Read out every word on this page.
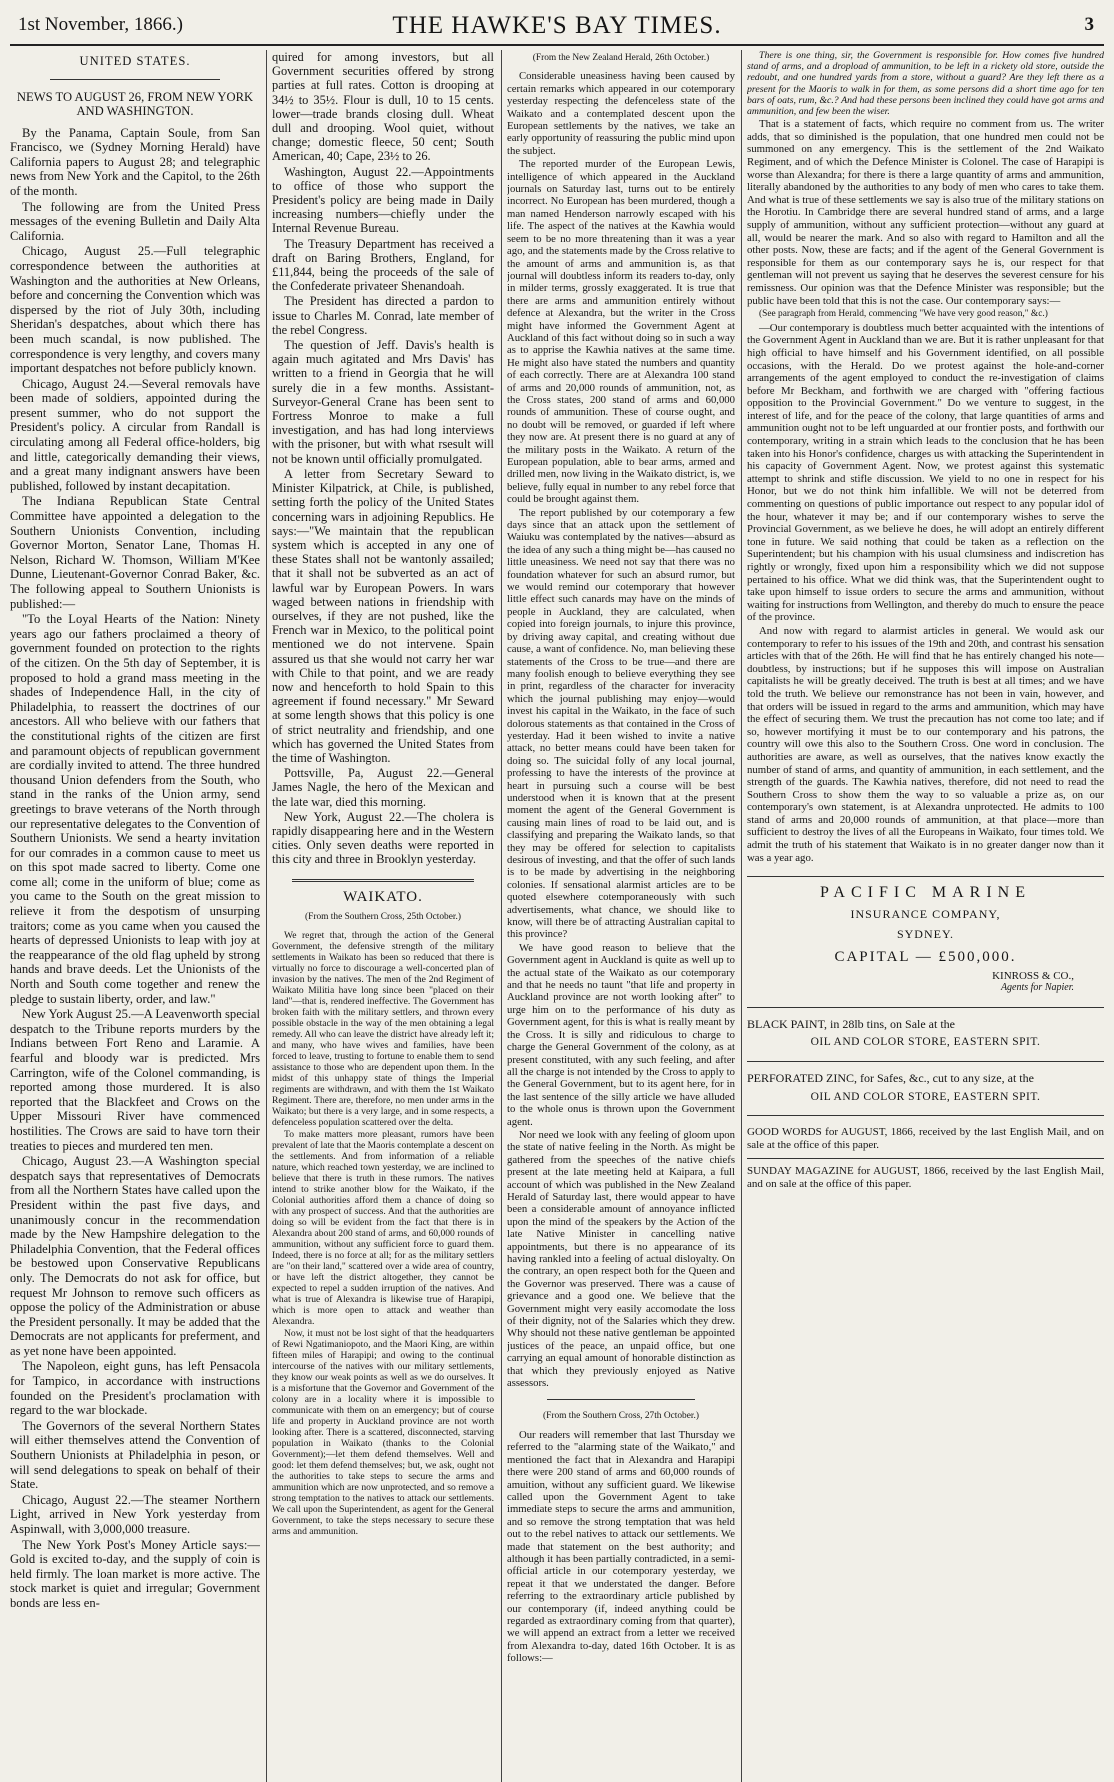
1st November, 1866.)	THE HAWKE'S BAY TIMES.	3
UNITED STATES.
NEWS TO AUGUST 26, FROM NEW YORK AND WASHINGTON.

By the Panama, Captain Soule, from San Francisco, we (Sydney Morning Herald) have California papers to August 28; and telegraphic news from New York and the Capitol, to the 26th of the month.

The following are from the United Press messages of the evening Bulletin and Daily Alta California.

Chicago, August 25.—Full telegraphic correspondence between the authorities at Washington and the authorities at New Orleans, before and concerning the Convention which was dispersed by the riot of July 30th, including Sheridan's despatches, about which there has been much scandal, is now published. The correspondence is very lengthy, and covers many important despatches not before publicly known.

Chicago, August 24.—Several removals have been made of soldiers, appointed during the present summer, who do not support the President's policy. A circular from Randall is circulating among all Federal office-holders, big and little, categorically demanding their views, and a great many indignant answers have been published, followed by instant decapitation.

The Indiana Republican State Central Committee have appointed a delegation to the Southern Unionists Convention, including Governor Morton, Senator Lane, Thomas H. Nelson, Richard W. Thomson, William M'Kee Dunne, Lieutenant-Governor Conrad Baker, &c. The following appeal to Southern Unionists is published:—

"To the Loyal Hearts of the Nation: Ninety years ago our fathers proclaimed a theory of government founded on protection to the rights of the citizen. On the 5th day of September, it is proposed to hold a grand mass meeting in the shades of Independence Hall, in the city of Philadelphia, to reassert the doctrines of our ancestors. All who believe with our fathers that the constitutional rights of the citizen are first and paramount objects of republican government are cordially invited to attend. The three hundred thousand Union defenders from the South, who stand in the ranks of the Union army, send greetings to brave veterans of the North through our representative delegates to the Convention of Southern Unionists. We send a hearty invitation for our comrades in a common cause to meet us on this spot made sacred to liberty. Come one come all; come in the uniform of blue; come as you came to the South on the great mission to relieve it from the despotism of unsurping traitors; come as you came when you caused the hearts of depressed Unionists to leap with joy at the reappearance of the old flag upheld by strong hands and brave deeds. Let the Unionists of the North and South come together and renew the pledge to sustain liberty, order, and law."

New York August 25.—A Leavenworth special despatch to the Tribune reports murders by the Indians between Fort Reno and Laramie. A fearful and bloody war is predicted. Mrs Carrington, wife of the Colonel commanding, is reported among those murdered. It is also reported that the Blackfeet and Crows on the Upper Missouri River have commenced hostilities. The Crows are said to have torn their treaties to pieces and murdered ten men.

Chicago, August 23.—A Washington special despatch says that representatives of Democrats from all the Northern States have called upon the President within the past five days, and unanimously concur in the recommendation made by the New Hampshire delegation to the Philadelphia Convention, that the Federal offices be bestowed upon Conservative Republicans only. The Democrats do not ask for office, but request Mr Johnson to remove such officers as oppose the policy of the Administration or abuse the President personally. It may be added that the Democrats are not applicants for preferment, and as yet none have been appointed.

The Napoleon, eight guns, has left Pensacola for Tampico, in accordance with instructions founded on the President's proclamation with regard to the war blockade.

The Governors of the several Northern States will either themselves attend the Convention of Southern Unionists at Philadelphia in peson, or will send delegations to speak on behalf of their State.

Chicago, August 22.—The steamer Northern Light, arrived in New York yesterday from Aspinwall, with 3,000,000 treasure.

The New York Post's Money Article says:—Gold is excited to-day, and the supply of coin is held firmly. The loan market is more active. The stock market is quiet and irregular; Government bonds are less en-

quired for among investors, but all Government securities offered by strong parties at full rates. Cotton is drooping at 34½ to 35½. Flour is dull, 10 to 15 cents. lower—trade brands closing dull. Wheat dull and drooping. Wool quiet, without change; domestic fleece, 50 cent; South American, 40; Cape, 23½ to 26.

Washington, August 22.—Appointments to office of those who support the President's policy are being made in Daily increasing numbers—chiefly under the Internal Revenue Bureau.

The Treasury Department has received a draft on Baring Brothers, England, for £11,844, being the proceeds of the sale of the Confederate privateer Shenandoah.

The President has directed a pardon to issue to Charles M. Conrad, late member of the rebel Congress.

The question of Jeff. Davis's health is again much agitated and Mrs Davis' has written to a friend in Georgia that he will surely die in a few months. Assistant-Surveyor-General Crane has been sent to Fortress Monroe to make a full investigation, and has had long interviews with the prisoner, but with what rsesult will not be known until officially promulgated.

A letter from Secretary Seward to Minister Kilpatrick, at Chile, is published, setting forth the policy of the United States concerning wars in adjoining Republics. He says:—"We maintain that the republican system which is accepted in any one of these States shall not be wantonly assailed; that it shall not be subverted as an act of lawful war by European Powers. In wars waged between nations in friendship with ourselves, if they are not pushed, like the French war in Mexico, to the political point mentioned we do not intervene. Spain assured us that she would not carry her war with Chile to that point, and we are ready now and henceforth to hold Spain to this agreement if found necessary." Mr Seward at some length shows that this policy is one of strict neutrality and friendship, and one which has governed the United States from the time of Washington.

Pottsville, Pa, August 22.—General James Nagle, the hero of the Mexican and the late war, died this morning.

New York, August 22.—The cholera is rapidly disappearing here and in the Western cities. Only seven deaths were reported in this city and three in Brooklyn yesterday.

WAIKATO.
(From the Southern Cross, 25th October.)

We regret that, through the action of the General Government, the defensive strength of the military settlements in Waikato has been so reduced that there is virtually no force to discourage a well-concerted plan of invasion by the natives. The men of the 2nd Regiment of Waikato Militia have long since been "placed on their land"—that is, rendered ineffective. The Government has broken faith with the military settlers, and thrown every possible obstacle in the way of the men obtaining a legal remedy. All who can leave the district have already left it; and many, who have wives and families, have been forced to leave, trusting to fortune to enable them to send assistance to those who are dependent upon them. In the midst of this unhappy state of things the Imperial regiments are withdrawn, and with them the 1st Waikato Regiment. There are, therefore, no men under arms in the Waikato; but there is a very large, and in some respects, a defenceless population scattered over the delta.

To make matters more pleasant, rumors have been prevalent of late that the Maoris contemplate a descent on the settlements. And from information of a reliable nature, which reached town yesterday, we are inclined to believe that there is truth in these rumors. The natives intend to strike another blow for the Waikato, if the Colonial authorities afford them a chance of doing so with any prospect of success. And that the authorities are doing so will be evident from the fact that there is in Alexandra about 200 stand of arms, and 60,000 rounds of ammunition, without any sufficient force to guard them. Indeed, there is no force at all; for as the military settlers are "on their land," scattered over a wide area of country, or have left the district altogether, they cannot be expected to repel a sudden irruption of the natives. And what is true of Alexandra is likewise true of Harapipi, which is more open to attack and weather than Alexandra.

Now, it must not be lost sight of that the headquarters of Rewi Ngatimaniopoto, and the Maori King, are within fifteen miles of Harapipi; and owing to the continual intercourse of the natives with our military settlements, they know our weak points as well as we do ourselves. It is a misfortune that the Governor and Government of the colony are in a locality where it is impossible to communicate with them on an emergency; but of course life and property in Auckland province are not worth looking after. There is a scattered, disconnected, starving population in Waikato (thanks to the Colonial Government);—let them defend themselves. Well and good: let them defend themselves; but, we ask, ought not the authorities to take steps to secure the arms and ammunition which are now unprotected, and so remove a strong temptation to the natives to attack our settlements. We call upon the Superintendent, as agent for the General Government, to take the steps necessary to secure these arms and ammunition.

(From the New Zealand Herald, 26th October.)

Considerable uneasiness having been caused by certain remarks which appeared in our cotemporary yesterday respecting the defenceless state of the Waikato and a contemplated descent upon the European settlements by the natives, we take an early opportunity of reassuring the public mind upon the subject.

The reported murder of the European Lewis, intelligence of which appeared in the Auckland journals on Saturday last, turns out to be entirely incorrect. No European has been murdered, though a man named Henderson narrowly escaped with his life. The aspect of the natives at the Kawhia would seem to be no more threatening than it was a year ago, and the statements made by the Cross relative to the amount of arms and ammunition is, as that journal will doubtless inform its readers to-day, only in milder terms, grossly exaggerated. It is true that there are arms and ammunition entirely without defence at Alexandra, but the writer in the Cross might have informed the Government Agent at Auckland of this fact without doing so in such a way as to apprise the Kawhia natives at the same time. He might also have stated the numbers and quantity of each correctly. There are at Alexandra 100 stand of arms and 20,000 rounds of ammunition, not, as the Cross states, 200 stand of arms and 60,000 rounds of ammunition. These of course ought, and no doubt will be removed, or guarded if left where they now are. At present there is no guard at any of the military posts in the Waikato. A return of the European population, able to bear arms, armed and drilled men, now living in the Waikato district, is, we believe, fully equal in number to any rebel force that could be brought against them.

The report published by our cotemporary a few days since that an attack upon the settlement of Waiuku was contemplated by the natives—absurd as the idea of any such a thing might be—has caused no little uneasiness. We need not say that there was no foundation whatever for such an absurd rumor, but we would remind our cotemporary that however little effect such canards may have on the minds of people in Auckland, they are calculated, when copied into foreign journals, to injure this province, by driving away capital, and creating without due cause, a want of confidence. No, man believing these statements of the Cross to be true—and there are many foolish enough to believe everything they see in print, regardless of the character for inveracity which the journal publishing may enjoy—would invest his capital in the Waikato, in the face of such dolorous statements as that contained in the Cross of yesterday. Had it been wished to invite a native attack, no better means could have been taken for doing so. The suicidal folly of any local journal, professing to have the interests of the province at heart in pursuing such a course will be best understood when it is known that at the present moment the agent of the General Government is causing main lines of road to be laid out, and is classifying and preparing the Waikato lands, so that they may be offered for selection to capitalists desirous of investing, and that the offer of such lands is to be made by advertising in the neighboring colonies. If sensational alarmist articles are to be quoted elsewhere cotemporaneously with such advertisements, what chance, we should like to know, will there be of attracting Australian capital to this province?

We have good reason to believe that the Government agent in Auckland is quite as well up to the actual state of the Waikato as our cotemporary and that he needs no taunt "that life and property in Auckland province are not worth looking after" to urge him on to the performance of his duty as Government agent, for this is what is really meant by the Cross. It is silly and ridiculous to charge to charge the General Government of the colony, as at present constituted, with any such feeling, and after all the charge is not intended by the Cross to apply to the General Government, but to its agent here, for in the last sentence of the silly article we have alluded to the whole onus is thrown upon the Government agent.

Nor need we look with any feeling of gloom upon the state of native feeling in the North. As might be gathered from the speeches of the native chiefs present at the late meeting held at Kaipara, a full account of which was published in the New Zealand Herald of Saturday last, there would appear to have been a considerable amount of annoyance inflicted upon the mind of the speakers by the Action of the late Native Minister in cancelling native appointments, but there is no appearance of its having rankled into a feeling of actual disloyalty. On the contrary, an open respect both for the Queen and the Governor was preserved. There was a cause of grievance and a good one. We believe that the Government might very easily accomodate the loss of their dignity, not of the Salaries which they drew. Why should not these native gentleman be appointed justices of the peace, an unpaid office, but one carrying an equal amount of honorable distinction as that which they previously enjoyed as Native assessors.

(From the Southern Cross, 27th October.)

Our readers will remember that last Thursday we referred to the "alarming state of the Waikato," and mentioned the fact that in Alexandra and Harapipi there were 200 stand of arms and 60,000 rounds of amuition, without any sufficient guard. We likewise called upon the Government Agent to take immediate steps to secure the arms and ammunition, and so remove the strong temptation that was held out to the rebel natives to attack our settlements. We made that statement on the best authority; and although it has been partially contradicted, in a semi-official article in our cotemporary yesterday, we repeat it that we understated the danger. Before referring to the extraordinary article published by our contemporary (if, indeed anything could be regarded as extraordinary coming from that quarter), we will append an extract from a letter we received from Alexandra to-day, dated 16th October. It is as follows:—

There is one thing, sir, the Government is responsible for. How comes five hundred stand of arms, and a dropload of ammunition, to be left in a rickety old store, outside the redoubt, and one hundred yards from a store, without a guard? Are they left there as a present for the Maoris to walk in for them, as some persons did a short time ago for ten bars of oats, rum, &c.? And had these persons been inclined they could have got arms and ammunition, and few been the wiser.

That is a statement of facts, which require no comment from us. The writer adds, that so diminished is the population, that one hundred men could not be summoned on any emergency. This is the settlement of the 2nd Waikato Regiment, and of which the Defence Minister is Colonel. The case of Harapipi is worse than Alexandra; for there is there a large quantity of arms and ammunition, literally abandoned by the authorities to any body of men who cares to take them. And what is true of these settlements we say is also true of the military stations on the Horotiu. In Cambridge there are several hundred stand of arms, and a large supply of ammunition, without any sufficient protection—without any guard at all, would be nearer the mark. And so also with regard to Hamilton and all the other posts. Now, these are facts; and if the agent of the General Government is responsible for them as our contemporary says he is, our respect for that gentleman will not prevent us saying that he deserves the severest censure for his remissness. Our opinion was that the Defence Minister was responsible; but the public have been told that this is not the case. Our contemporary says:—

(See paragraph from Herald, commencing "We have very good reason," &c.)

—Our contemporary is doubtless much better acquainted with the intentions of the Government Agent in Auckland than we are. But it is rather unpleasant for that high official to have himself and his Government identified, on all possible occasions, with the Herald. Do we protest against the hole-and-corner arrangements of the agent employed to conduct the re-investigation of claims before Mr Beckham, and forthwith we are charged with "offering factious opposition to the Provincial Government." Do we venture to suggest, in the interest of life, and for the peace of the colony, that large quantities of arms and ammunition ought not to be left unguarded at our frontier posts, and forthwith our contemporary, writing in a strain which leads to the conclusion that he has been taken into his Honor's confidence, charges us with attacking the Superintendent in his capacity of Government Agent. Now, we protest against this systematic attempt to shrink and stifle discussion. We yield to no one in respect for his Honor, but we do not think him infallible. We will not be deterred from commenting on questions of public importance out respect to any popular idol of the hour, whatever it may be; and if our contemporary wishes to serve the Provincial Government, as we believe he does, he will adopt an entirely different tone in future. We said nothing that could be taken as a reflection on the Superintendent; but his champion with his usual clumsiness and indiscretion has rightly or wrongly, fixed upon him a responsibility which we did not suppose pertained to his office. What we did think was, that the Superintendent ought to take upon himself to issue orders to secure the arms and ammunition, without waiting for instructions from Wellington, and thereby do much to ensure the peace of the province.

And now with regard to alarmist articles in general. We would ask our contemporary to refer to his issues of the 19th and 20th, and contrast his sensation articles with that of the 26th. He will find that he has entirely changed his note—doubtless, by instructions; but if he supposes this will impose on Australian capitalists he will be greatly deceived. The truth is best at all times; and we have told the truth. We believe our remonstrance has not been in vain, however, and that orders will be issued in regard to the arms and ammunition, which may have the effect of securing them. We trust the precaution has not come too late; and if so, however mortifying it must be to our contemporary and his patrons, the country will owe this also to the Southern Cross. One word in conclusion. The authorities are aware, as well as ourselves, that the natives know exactly the number of stand of arms, and quantity of ammunition, in each settlement, and the strength of the guards. The Kawhia natives, therefore, did not need to read the Southern Cross to show them the way to so valuable a prize as, on our contemporary's own statement, is at Alexandra unprotected. He admits to 100 stand of arms and 20,000 rounds of ammunition, at that place—more than sufficient to destroy the lives of all the Europeans in Waikato, four times told. We admit the truth of his statement that Waikato is in no greater danger now than it was a year ago.

PACIFIC MARINE
INSURANCE COMPANY,
SYDNEY.
CAPITAL — £500,000.
KINROSS & CO.,
Agents for Napier.

BLACK PAINT, in 28lb tins, on Sale at the

OIL AND COLOR STORE, EASTERN SPIT.

PERFORATED ZINC, for Safes, &c., cut to any size, at the

OIL AND COLOR STORE, EASTERN SPIT.

GOOD WORDS for AUGUST, 1866, received by the last English Mail, and on sale at the office of this paper.

SUNDAY MAGAZINE for AUGUST, 1866, received by the last English Mail, and on sale at the office of this paper.
